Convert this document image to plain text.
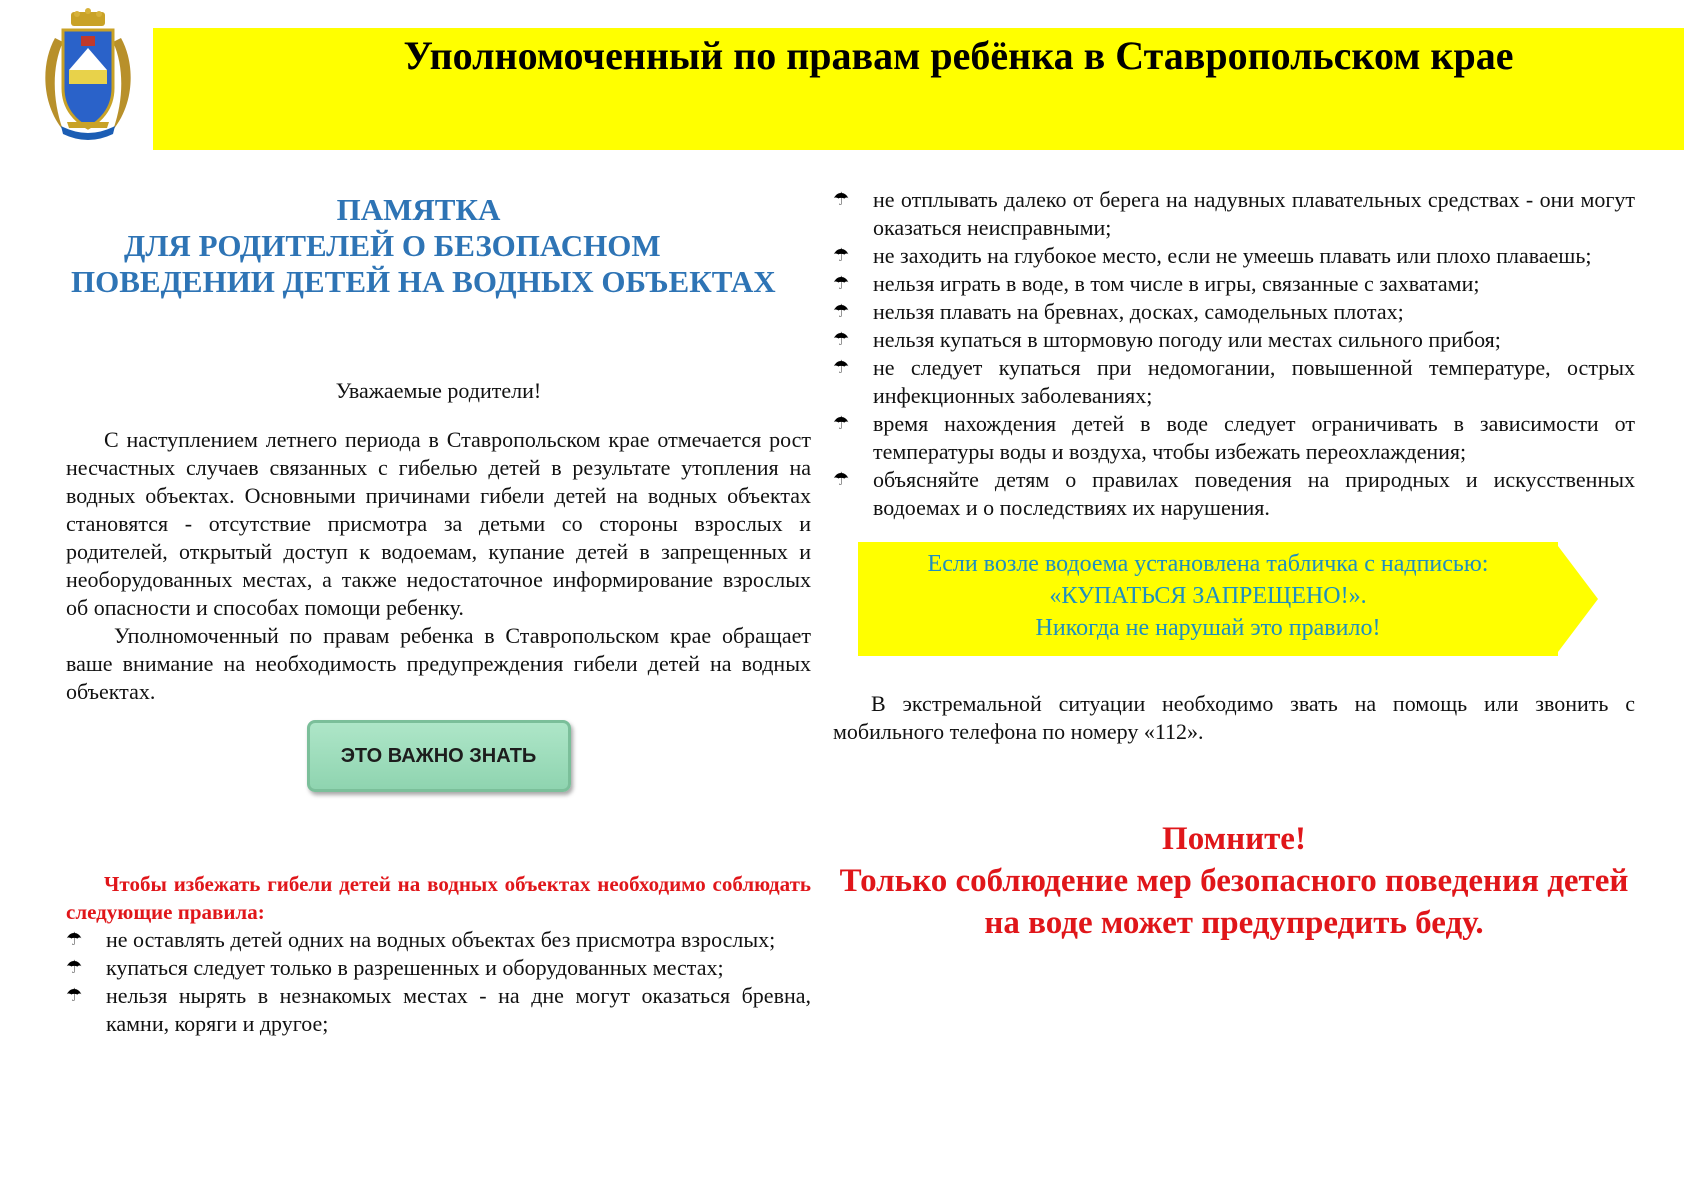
Уполномоченный по правам ребёнка в Ставропольском крае
ПАМЯТКА
ДЛЯ РОДИТЕЛЕЙ О БЕЗОПАСНОМ
ПОВЕДЕНИИ ДЕТЕЙ НА ВОДНЫХ ОБЪЕКТАХ
Уважаемые родители!

С наступлением летнего периода в Ставропольском крае отмечается рост несчастных случаев связанных с гибелью детей в результате утопления на водных объектах. Основными причинами гибели детей на водных объектах становятся - отсутствие присмотра за детьми со стороны взрослых и родителей, открытый доступ к водоемам, купание детей в запрещенных и необорудованных местах, а также недостаточное информирование взрослых об опасности и способах помощи ребенку.

Уполномоченный по правам ребенка в Ставропольском крае обращает ваше внимание на необходимость предупреждения гибели детей на водных объектах.

ЭТО ВАЖНО ЗНАТЬ

Чтобы избежать гибели детей на водных объектах необходимо соблюдать следующие правила:

☂ не оставлять детей одних на водных объектах без присмотра взрослых;
☂ купаться следует только в разрешенных и оборудованных местах;
☂ нельзя нырять в незнакомых местах - на дне могут оказаться бревна, камни, коряги и другое;
☂ не отплывать далеко от берега на надувных плавательных средствах - они могут оказаться неисправными;
☂ не заходить на глубокое место, если не умеешь плавать или плохо плаваешь;
☂ нельзя играть в воде, в том числе в игры, связанные с захватами;
☂ нельзя плавать на бревнах, досках, самодельных плотах;
☂ нельзя купаться в штормовую погоду или местах сильного прибоя;
☂ не следует купаться при недомогании, повышенной температуре, острых инфекционных заболеваниях;
☂ время нахождения детей в воде следует ограничивать в зависимости от температуры воды и воздуха, чтобы избежать переохлаждения;
☂ объясняйте детям о правилах поведения на природных и искусственных водоемах и о последствиях их нарушения.
Если возле водоема установлена табличка с надписью:
«КУПАТЬСЯ ЗАПРЕЩЕНО!».
Никогда не нарушай это правило!

В экстремальной ситуации необходимо звать на помощь или звонить с мобильного телефона по номеру «112».

Помните!
Только соблюдение мер безопасного поведения детей на воде может предупредить беду.
